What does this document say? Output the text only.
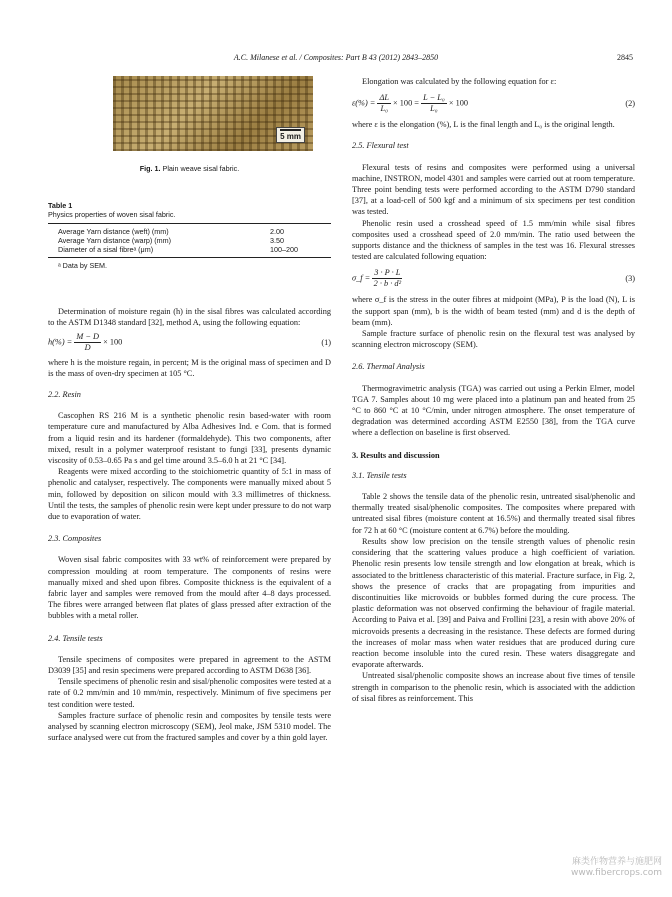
A.C. Milanese et al. / Composites: Part B 43 (2012) 2843–2850	2845
5 mm
Fig. 1. Plain weave sisal fabric.
Table 1
Physics properties of woven sisal fabric.
Average Yarn distance (weft) (mm)	2.00
Average Yarn distance (warp) (mm)	3.50
Diameter of a sisal fibreᵃ (μm)	100–200
ᵃ Data by SEM.

Determination of moisture regain (h) in the sisal fibres was calculated according to the ASTM D1348 standard [32], method A, using the following equation:

$h(\%) = \frac{M - D}{D} \times 100$	(1)

where h is the moisture regain, in percent; M is the original mass of specimen and D is the mass of oven-dry specimen at 105 °C.

2.2. Resin

Cascophen RS 216 M is a synthetic phenolic resin based-water with room temperature cure and manufactured by Alba Adhesives Ind. e Com. that is formed from a liquid resin and its hardener (formaldehyde). This two components, after mixed, result in a polymer waterproof resistant to fungi [33], presents dynamic viscosity of 0.53–0.65 Pa s and gel time around 3.5–6.0 h at 21 °C [34].

Reagents were mixed according to the stoichiometric quantity of 5:1 in mass of phenolic and catalyser, respectively. The components were manually mixed about 5 min, followed by deposition on silicon mould with 3.3 millimetres of thickness. Until the tests, the samples of phenolic resin were kept under pressure to do not warp due to evaporation of water.

2.3. Composites

Woven sisal fabric composites with 33 wt% of reinforcement were prepared by compression moulding at room temperature. The components of resins were manually mixed and shed upon fibres. Composite thickness is the equivalent of a fabric layer and samples were removed from the mould after 4–8 days processed. The fibres were arranged between flat plates of glass pressed after extraction of the bubbles with a metal roller.

2.4. Tensile tests

Tensile specimens of composites were prepared in agreement to the ASTM D3039 [35] and resin specimens were prepared according to ASTM D638 [36].

Tensile specimens of phenolic resin and sisal/phenolic composites were tested at a rate of 0.2 mm/min and 10 mm/min, respectively. Minimum of five specimens per test condition were tested.

Samples fracture surface of phenolic resin and composites by tensile tests were analysed by scanning electron microscopy (SEM), Jeol make, JSM 5310 model. The surface analysed were cut from the fractured samples and cover by a thin gold layer.

Elongation was calculated by the following equation for ε:

$\varepsilon(\%) = \frac{\Delta L}{\text{L₀}} \times 100 = \frac{\text{L − L₀}}{\text{L₀}} \times 100$	(2)

where ε is the elongation (%), L is the final length and L₀ is the original length.

2.5. Flexural test

Flexural tests of resins and composites were performed using a universal machine, INSTRON, model 4301 and samples were carried out at room temperature. Three point bending tests were performed according to the ASTM D790 standard [37], at a load-cell of 500 kgf and a minimum of six specimens per test condition was tested.

Phenolic resin used a crosshead speed of 1.5 mm/min while sisal fibres composites used a crosshead speed of 2.0 mm/min. The ratio used between the supports distance and the thickness of samples in the test was 16. Flexural stresses tested are calculated following equation:

σ_f = $\frac{3 \cdot P \cdot L}{\text{2 · b · d²}}$	(3)

where σ_f is the stress in the outer fibres at midpoint (MPa), P is the load (N), L is the support span (mm), b is the width of beam tested (mm) and d is the depth of beam (mm).

Sample fracture surface of phenolic resin on the flexural test was analysed by scanning electron microscopy (SEM).

2.6. Thermal Analysis

Thermogravimetric analysis (TGA) was carried out using a Perkin Elmer, model TGA 7. Samples about 10 mg were placed into a platinum pan and heated from 25 °C to 860 °C at 10 °C/min, under nitrogen atmosphere. The onset temperature of degradation was determined according ASTM E2550 [38], from the TGA curve where a deflection on baseline is first observed.

3. Results and discussion
3.1. Tensile tests

Table 2 shows the tensile data of the phenolic resin, untreated sisal/phenolic and thermally treated sisal/phenolic composites. The composites where prepared with untreated sisal fibres (moisture content at 16.5%) and thermally treated sisal fibres for 72 h at 60 °C (moisture content at 6.7%) before the moulding.

Results show low precision on the tensile strength values of phenolic resin considering that the scattering values produce a high coefficient of variation. Phenolic resin presents low tensile strength and low elongation at break, which is associated to the brittleness characteristic of this material. Fracture surface, in Fig. 2, shows the presence of cracks that are propagating from impurities and discontinuities like microvoids or bubbles formed during the cure process. The plastic deformation was not observed confirming the behaviour of fragile material. According to Paiva et al. [39] and Paiva and Frollini [23], a resin with above 20% of microvoids presents a decreasing in the resistance. These defects are formed during the increases of molar mass when water residues that are produced during cure reaction become insoluble into the cured resin. These waters disaggregate and evaporate afterwards.

Untreated sisal/phenolic composite shows an increase about five times of tensile strength in comparison to the phenolic resin, which is associated with the addiction of sisal fibres as reinforcement. This

麻类作物营养与施肥网
www.fibercrops.com
